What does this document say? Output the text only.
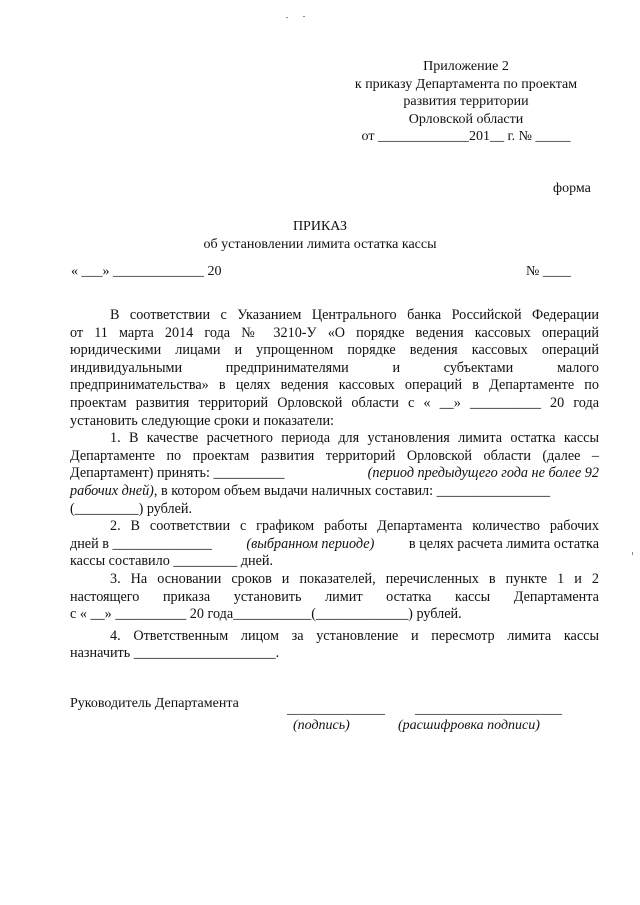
Приложение 2
к приказу Департамента по проектам
развития территории
Орловской области
от _____________201__ г. № _____
форма
ПРИКАЗ
об установлении лимита остатка кассы
« ___» _____________ 20	№ ____
В соответствии с Указанием Центрального банка Российской Федерации
от 11 марта 2014 года № 3210-У «О порядке ведения кассовых операций
юридическими лицами и упрощенном порядке ведения кассовых операций
индивидуальными	предпринимателями	и	субъектами	малого
предпринимательства» в целях ведения кассовых операций в Департаменте по
проектам развития территорий Орловской области с « __» __________ 20 года
установить следующие сроки и показатели:
1. В качестве расчетного периода для установления лимита остатка кассы
Департаменте по проектам развития территорий Орловской области (далее –
Департамент) принять: __________	(период предыдущего года не более 92
рабочих дней), в котором объем выдачи наличных составил: ________________
(_________) рублей.
2. В соответствии с графиком работы Департамента количество рабочих
дней в ______________ (выбранном периоде) в целях расчета лимита остатка
кассы составило _________ дней.
3. На основании сроков и показателей, перечисленных в пункте 1 и 2
настоящего приказа установить лимит остатка кассы Департамента
с « __» __________ 20 года___________(_____________) рублей.
4. Ответственным лицом за установление и пересмотр лимита кассы
назначить ____________________.
Руководитель Департамента	______________ _____________________
(подпись)	(расшифровка подписи)
